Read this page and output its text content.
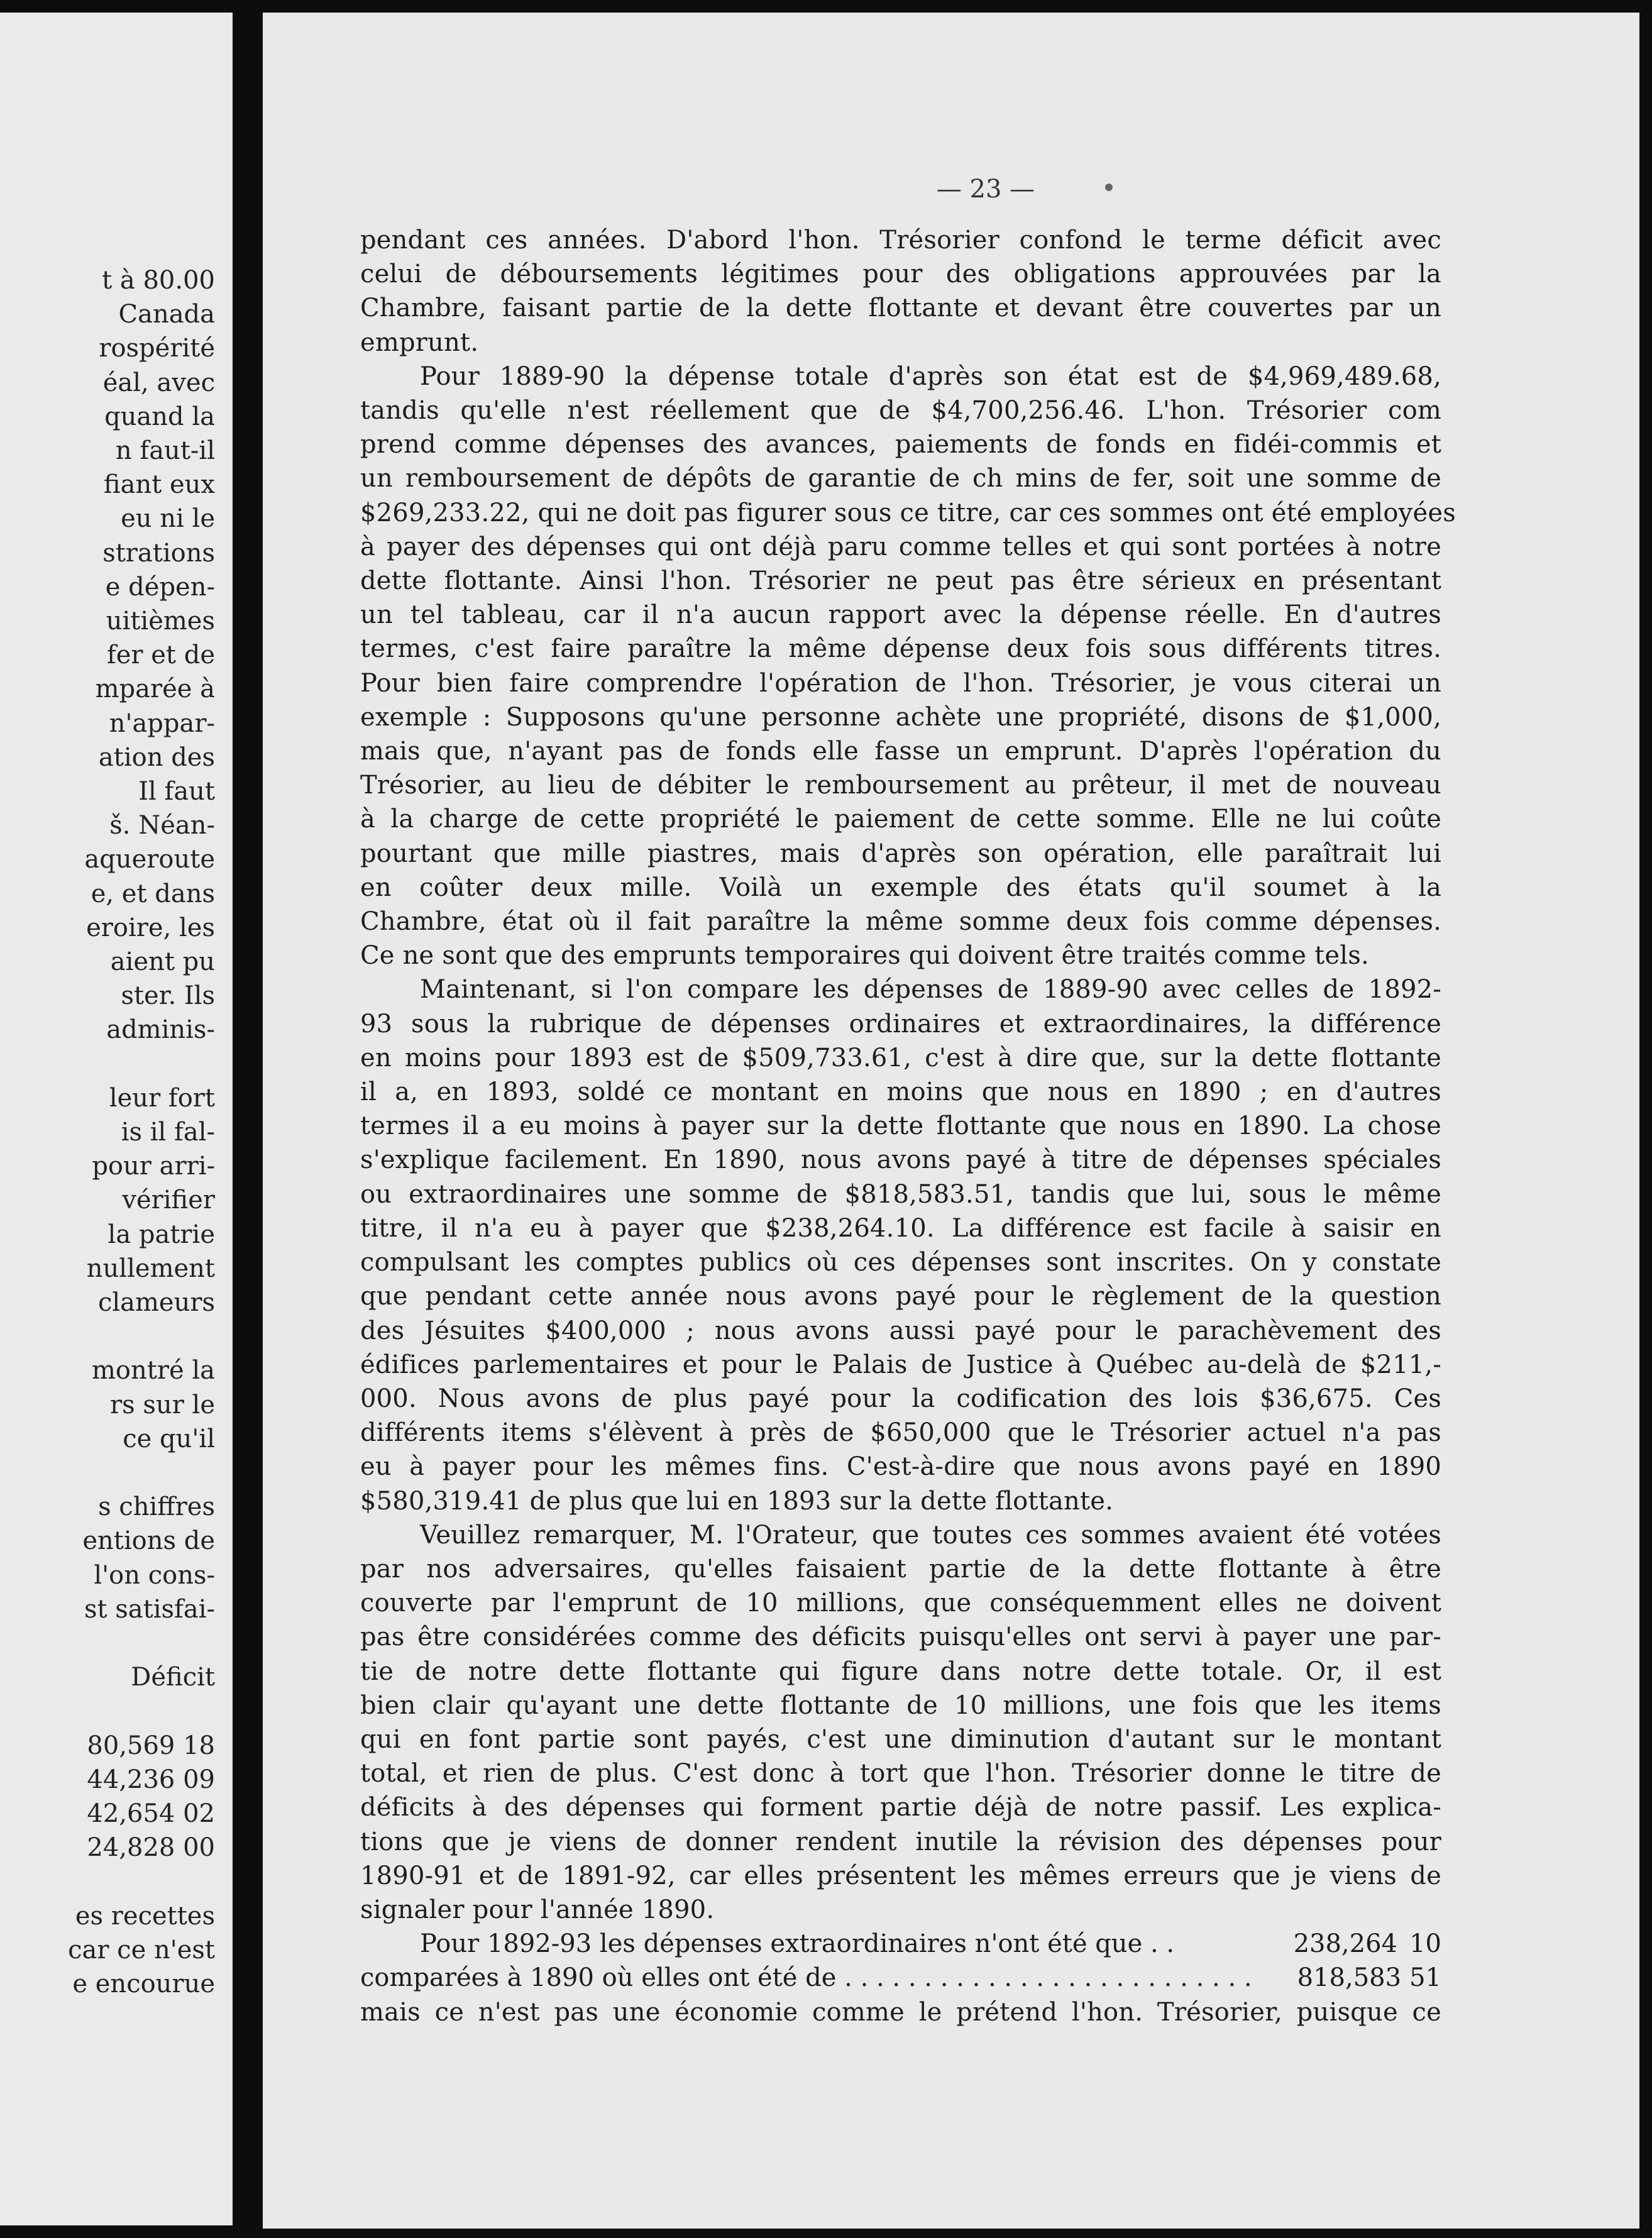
t à 80.00
Canada
rospérité
éal, avec
quand la
n faut-il
fiant eux
eu ni le
strations
e dépen-
uitièmes
fer et de
mparée à
n'appar-
ation des
Il faut
š. Néan-
aqueroute
e, et dans
eroire, les
aient pu
ster. Ils
adminis-
leur fort
is il fal-
pour arri-
vérifier
la patrie
nullement
clameurs
montré la
rs sur le
ce qu'il
s chiffres
entions de
l'on cons-
st satisfai-
Déficit
80,569 18
44,236 09
42,654 02
24,828 00
es recettes
car ce n'est
e encourue
— 23 —
pendant ces années. D'abord l'hon. Trésorier confond le terme déficit avec
celui de déboursements légitimes pour des obligations approuvées par la
Chambre, faisant partie de la dette flottante et devant être couvertes par un
emprunt.
Pour 1889-90 la dépense totale d'après son état est de $4,969,489.68,
tandis qu'elle n'est réellement que de $4,700,256.46. L'hon. Trésorier com
prend comme dépenses des avances, paiements de fonds en fidéi-commis et
un remboursement de dépôts de garantie de ch mins de fer, soit une somme de
$269,233.22, qui ne doit pas figurer sous ce titre, car ces sommes ont été employées
à payer des dépenses qui ont déjà paru comme telles et qui sont portées à notre
dette flottante. Ainsi l'hon. Trésorier ne peut pas être sérieux en présentant
un tel tableau, car il n'a aucun rapport avec la dépense réelle. En d'autres
termes, c'est faire paraître la même dépense deux fois sous différents titres.
Pour bien faire comprendre l'opération de l'hon. Trésorier, je vous citerai un
exemple : Supposons qu'une personne achète une propriété, disons de $1,000,
mais que, n'ayant pas de fonds elle fasse un emprunt. D'après l'opération du
Trésorier, au lieu de débiter le remboursement au prêteur, il met de nouveau
à la charge de cette propriété le paiement de cette somme. Elle ne lui coûte
pourtant que mille piastres, mais d'après son opération, elle paraîtrait lui
en coûter deux mille. Voilà un exemple des états qu'il soumet à la
Chambre, état où il fait paraître la même somme deux fois comme dépenses.
Ce ne sont que des emprunts temporaires qui doivent être traités comme tels.
Maintenant, si l'on compare les dépenses de 1889-90 avec celles de 1892-
93 sous la rubrique de dépenses ordinaires et extraordinaires, la différence
en moins pour 1893 est de $509,733.61, c'est à dire que, sur la dette flottante
il a, en 1893, soldé ce montant en moins que nous en 1890 ; en d'autres
termes il a eu moins à payer sur la dette flottante que nous en 1890. La chose
s'explique facilement. En 1890, nous avons payé à titre de dépenses spéciales
ou extraordinaires une somme de $818,583.51, tandis que lui, sous le même
titre, il n'a eu à payer que $238,264.10. La différence est facile à saisir en
compulsant les comptes publics où ces dépenses sont inscrites. On y constate
que pendant cette année nous avons payé pour le règlement de la question
des Jésuites $400,000 ; nous avons aussi payé pour le parachèvement des
édifices parlementaires et pour le Palais de Justice à Québec au-delà de $211,-
000. Nous avons de plus payé pour la codification des lois $36,675. Ces
différents items s'élèvent à près de $650,000 que le Trésorier actuel n'a pas
eu à payer pour les mêmes fins. C'est-à-dire que nous avons payé en 1890
$580,319.41 de plus que lui en 1893 sur la dette flottante.
Veuillez remarquer, M. l'Orateur, que toutes ces sommes avaient été votées
par nos adversaires, qu'elles faisaient partie de la dette flottante à être
couverte par l'emprunt de 10 millions, que conséquemment elles ne doivent
pas être considérées comme des déficits puisqu'elles ont servi à payer une par-
tie de notre dette flottante qui figure dans notre dette totale. Or, il est
bien clair qu'ayant une dette flottante de 10 millions, une fois que les items
qui en font partie sont payés, c'est une diminution d'autant sur le montant
total, et rien de plus. C'est donc à tort que l'hon. Trésorier donne le titre de
déficits à des dépenses qui forment partie déjà de notre passif. Les explica-
tions que je viens de donner rendent inutile la révision des dépenses pour
1890-91 et de 1891-92, car elles présentent les mêmes erreurs que je viens de
signaler pour l'année 1890.
Pour 1892-93 les dépenses extraordinaires n'ont été que . .	238,264 10
comparées à 1890 où elles ont été de . . . . . . . . . . . . . . . . . . . . . . . . . .	818,583 51
mais ce n'est pas une économie comme le prétend l'hon. Trésorier, puisque ce
